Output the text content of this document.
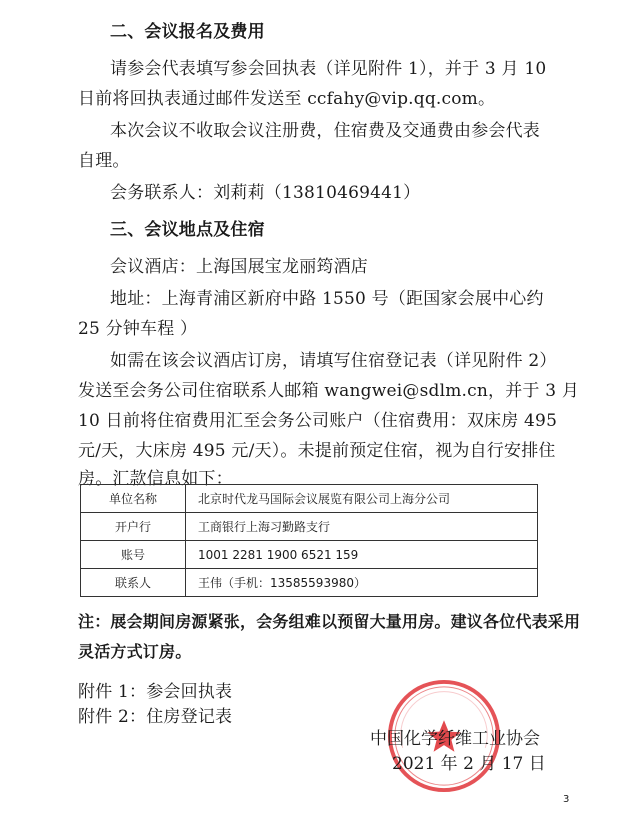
二、会议报名及费用
请参会代表填写参会回执表（详见附件 1），并于 3 月 10
日前将回执表通过邮件发送至 ccfahy@vip.qq.com。
本次会议不收取会议注册费，住宿费及交通费由参会代表
自理。
会务联系人：刘莉莉（13810469441）
三、会议地点及住宿
会议酒店：上海国展宝龙丽筠酒店
地址：上海青浦区新府中路 1550 号（距国家会展中心约
25 分钟车程 ）
如需在该会议酒店订房，请填写住宿登记表（详见附件 2）
发送至会务公司住宿联系人邮箱 wangwei@sdlm.cn，并于 3 月
10 日前将住宿费用汇至会务公司账户（住宿费用：双床房 495
元/天，大床房 495 元/天）。未提前预定住宿，视为自行安排住
房。汇款信息如下：
单位名称	北京时代龙马国际会议展览有限公司上海分公司
开户行	工商银行上海习勤路支行
账号	1001 2281 1900 6521 159
联系人	王伟（手机：13585593980）
注：展会期间房源紧张，会务组难以预留大量用房。建议各位代表采用
灵活方式订房。
附件 1：参会回执表
附件 2：住房登记表
中国化学纤维工业协会
2021 年 2 月 17 日
3
